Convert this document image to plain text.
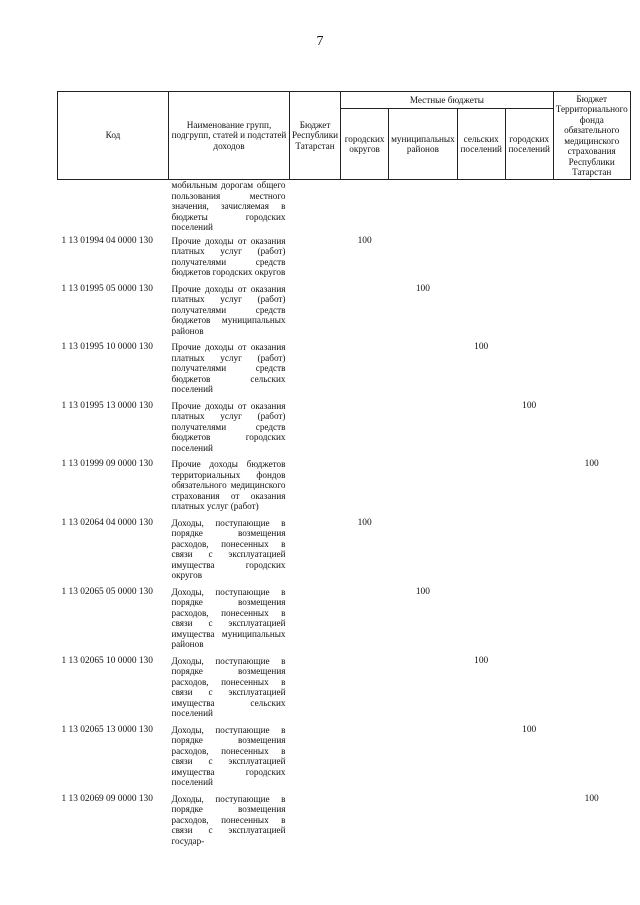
7
Код	Наименование групп, подгрупп, статей и подстатей доходов	Бюджет Республики Татарстан	Местные бюджеты				Бюджет Территориального фонда обязательного медицинского страхования Республики Татарстан
			городских округов	муниципальных районов	сельских поселений	городских поселений	
	мобильным дорогам общего пользования местного значения, зачисляемая в бюджеты городских поселений						
1 13 01994 04 0000 130	Прочие доходы от оказания платных услуг (работ) получателями средств бюджетов городских округов		100				
1 13 01995 05 0000 130	Прочие доходы от оказания платных услуг (работ) получателями средств бюджетов муниципальных районов			100			
1 13 01995 10 0000 130	Прочие доходы от оказания платных услуг (работ) получателями средств бюджетов сельских поселений				100		
1 13 01995 13 0000 130	Прочие доходы от оказания платных услуг (работ) получателями средств бюджетов городских поселений					100	
1 13 01999 09 0000 130	Прочие доходы бюджетов территориальных фондов обязательного медицинского страхования от оказания платных услуг (работ)						100
1 13 02064 04 0000 130	Доходы, поступающие в порядке возмещения расходов, понесенных в связи с эксплуатацией имущества городских округов		100				
1 13 02065 05 0000 130	Доходы, поступающие в порядке возмещения расходов, понесенных в связи с эксплуатацией имущества муниципальных районов			100			
1 13 02065 10 0000 130	Доходы, поступающие в порядке возмещения расходов, понесенных в связи с эксплуатацией имущества сельских поселений				100		
1 13 02065 13 0000 130	Доходы, поступающие в порядке возмещения расходов, понесенных в связи с эксплуатацией имущества городских поселений					100	
1 13 02069 09 0000 130	Доходы, поступающие в порядке возмещения расходов, понесенных в связи с эксплуатацией государ-						100
